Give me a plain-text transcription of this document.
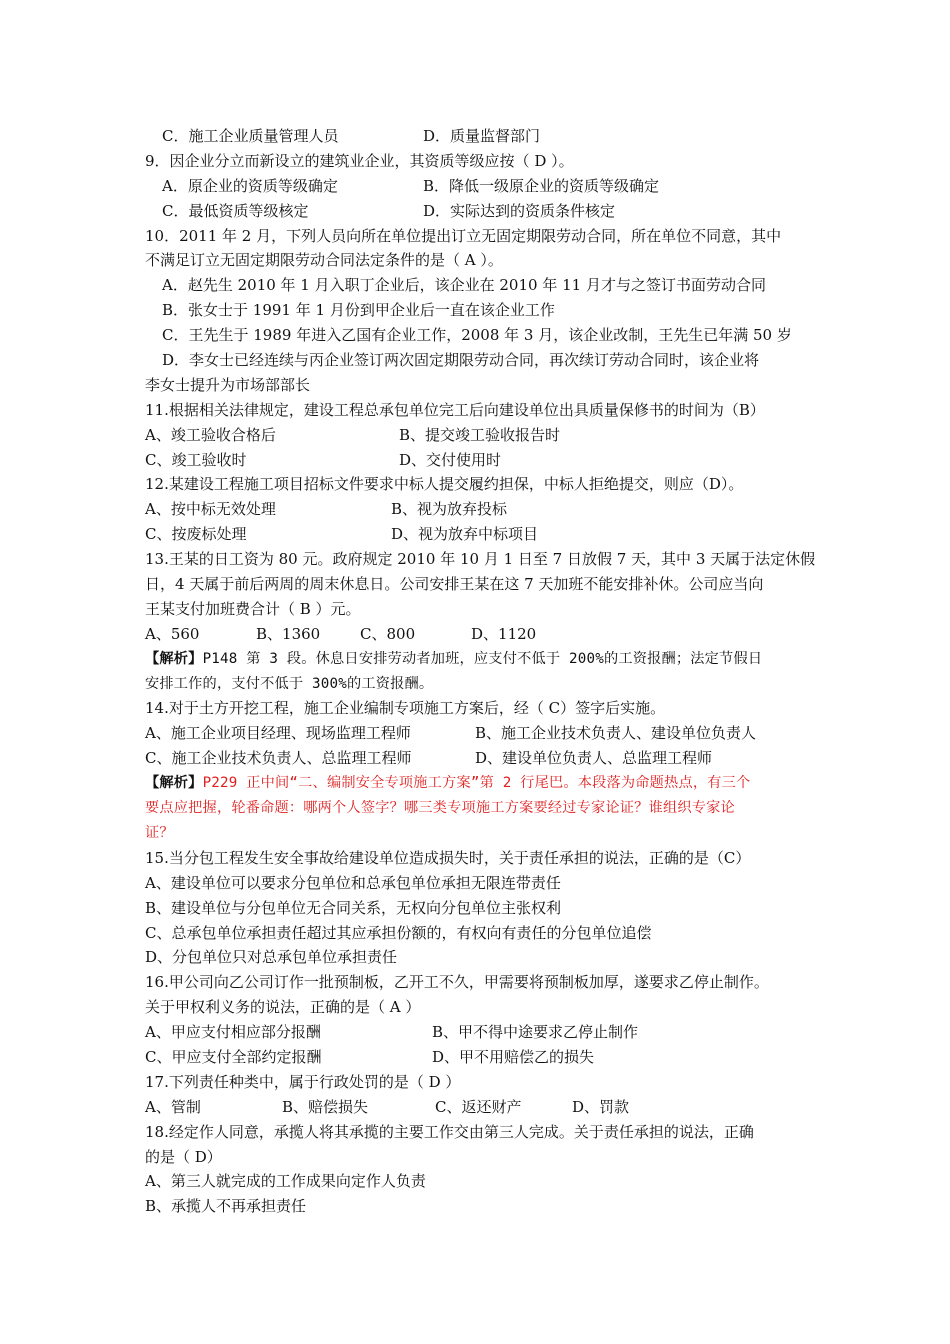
C．施工企业质量管理人员	D．质量监督部门
9．因企业分立而新设立的建筑业企业，其资质等级应按（ D ）。
A．原企业的资质等级确定	B．降低一级原企业的资质等级确定
C．最低资质等级核定	D．实际达到的资质条件核定
10．2011 年 2 月，下列人员向所在单位提出订立无固定期限劳动合同，所在单位不同意，其中
不满足订立无固定期限劳动合同法定条件的是（ A ）。
A．赵先生 2010 年 1 月入职丁企业后，该企业在 2010 年 11 月才与之签订书面劳动合同
B．张女士于 1991 年 1 月份到甲企业后一直在该企业工作
C．王先生于 1989 年进入乙国有企业工作，2008 年 3 月，该企业改制，王先生已年满 50 岁
D．李女士已经连续与丙企业签订两次固定期限劳动合同，再次续订劳动合同时，该企业将
李女士提升为市场部部长
11.根据相关法律规定，建设工程总承包单位完工后向建设单位出具质量保修书的时间为（B）
A、竣工验收合格后	B、提交竣工验收报告时
C、竣工验收时	D、交付使用时
12.某建设工程施工项目招标文件要求中标人提交履约担保，中标人拒绝提交，则应（D）。
A、按中标无效处理	B、视为放弃投标
C、按废标处理	D、视为放弃中标项目
13.王某的日工资为 80 元。政府规定 2010 年 10 月 1 日至 7 日放假 7 天，其中 3 天属于法定休假
日，4 天属于前后两周的周末休息日。公司安排王某在这 7 天加班不能安排补休。公司应当向
王某支付加班费合计（ B ）元。
A、560	B、1360	C、800	D、1120
【解析】P148 第 3 段。休息日安排劳动者加班，应支付不低于 200%的工资报酬；法定节假日
安排工作的，支付不低于 300%的工资报酬。
14.对于土方开挖工程，施工企业编制专项施工方案后，经（ C）签字后实施。
A、施工企业项目经理、现场监理工程师	B、施工企业技术负责人、建设单位负责人
C、施工企业技术负责人、总监理工程师	D、建设单位负责人、总监理工程师
【解析】P229 正中间“二、编制安全专项施工方案”第 2 行尾巴。本段落为命题热点，有三个
要点应把握，轮番命题：哪两个人签字？哪三类专项施工方案要经过专家论证？谁组织专家论
证？
15.当分包工程发生安全事故给建设单位造成损失时，关于责任承担的说法，正确的是（C）
A、建设单位可以要求分包单位和总承包单位承担无限连带责任
B、建设单位与分包单位无合同关系，无权向分包单位主张权利
C、总承包单位承担责任超过其应承担份额的，有权向有责任的分包单位追偿
D、分包单位只对总承包单位承担责任
16.甲公司向乙公司订作一批预制板，乙开工不久，甲需要将预制板加厚，遂要求乙停止制作。
关于甲权利义务的说法，正确的是（ A ）
A、甲应支付相应部分报酬	B、甲不得中途要求乙停止制作
C、甲应支付全部约定报酬	D、甲不用赔偿乙的损失
17.下列责任种类中，属于行政处罚的是（ D ）
A、管制	B、赔偿损失	C、返还财产	D、罚款
18.经定作人同意，承揽人将其承揽的主要工作交由第三人完成。关于责任承担的说法，正确
的是（ D）
A、第三人就完成的工作成果向定作人负责
B、承揽人不再承担责任
